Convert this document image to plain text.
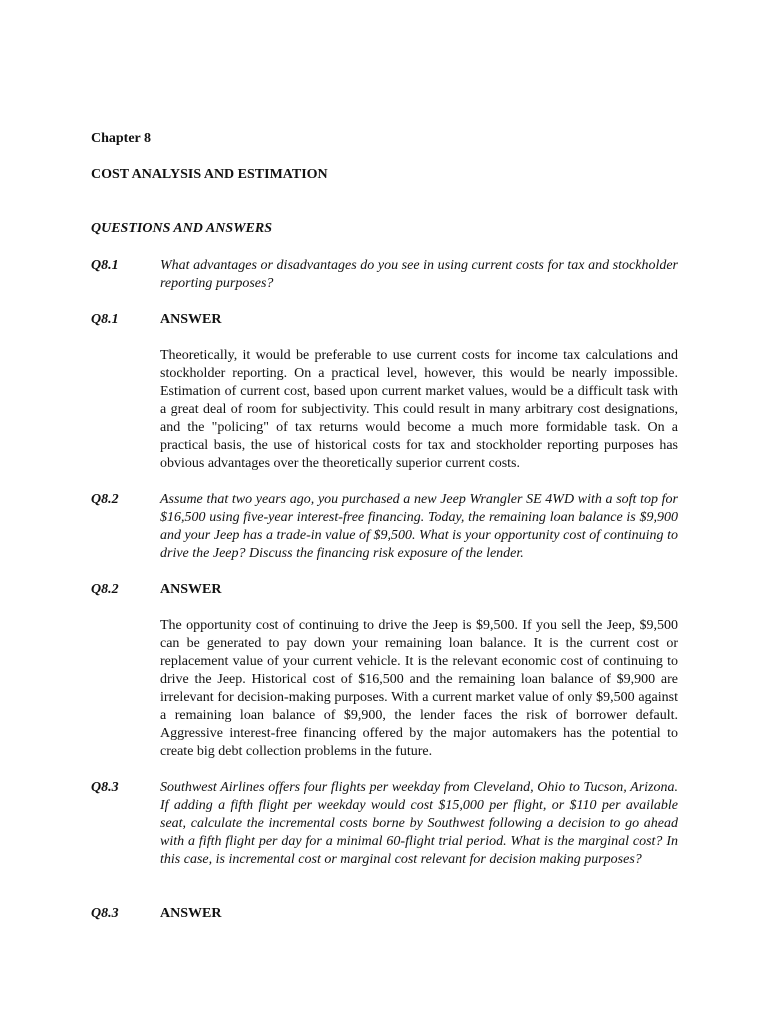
Chapter 8
COST ANALYSIS AND ESTIMATION
QUESTIONS AND ANSWERS
Q8.1	What advantages or disadvantages do you see in using current costs for tax and stockholder reporting purposes?
Q8.1	ANSWER
Theoretically, it would be preferable to use current costs for income tax calculations and stockholder reporting. On a practical level, however, this would be nearly impossible. Estimation of current cost, based upon current market values, would be a difficult task with a great deal of room for subjectivity. This could result in many arbitrary cost designations, and the "policing" of tax returns would become a much more formidable task. On a practical basis, the use of historical costs for tax and stockholder reporting purposes has obvious advantages over the theoretically superior current costs.
Q8.2	Assume that two years ago, you purchased a new Jeep Wrangler SE 4WD with a soft top for $16,500 using five-year interest-free financing. Today, the remaining loan balance is $9,900 and your Jeep has a trade-in value of $9,500. What is your opportunity cost of continuing to drive the Jeep? Discuss the financing risk exposure of the lender.
Q8.2	ANSWER
The opportunity cost of continuing to drive the Jeep is $9,500. If you sell the Jeep, $9,500 can be generated to pay down your remaining loan balance. It is the current cost or replacement value of your current vehicle. It is the relevant economic cost of continuing to drive the Jeep. Historical cost of $16,500 and the remaining loan balance of $9,900 are irrelevant for decision-making purposes. With a current market value of only $9,500 against a remaining loan balance of $9,900, the lender faces the risk of borrower default. Aggressive interest-free financing offered by the major automakers has the potential to create big debt collection problems in the future.
Q8.3	Southwest Airlines offers four flights per weekday from Cleveland, Ohio to Tucson, Arizona. If adding a fifth flight per weekday would cost $15,000 per flight, or $110 per available seat, calculate the incremental costs borne by Southwest following a decision to go ahead with a fifth flight per day for a minimal 60-flight trial period. What is the marginal cost? In this case, is incremental cost or marginal cost relevant for decision making purposes?
Q8.3	ANSWER
